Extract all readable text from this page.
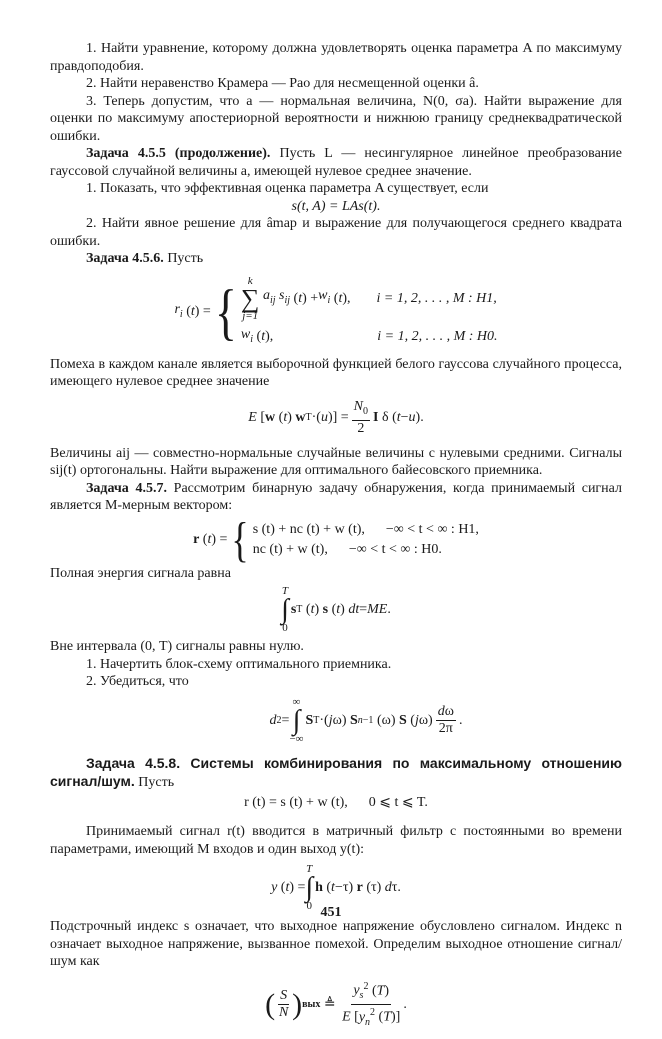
1. Найти уравнение, которому должна удовлетворять оценка параметра A по максимуму правдоподобия.

2. Найти неравенство Крамера — Рао для несмещенной оценки â.

3. Теперь допустим, что a — нормальная величина, N(0, σa). Найти выражение для оценки по максимуму апостериорной вероятности и нижнюю границу среднеквадратической ошибки.

Задача 4.5.5 (продолжение). Пусть L — несингулярное линейное преобразование гауссовой случайной величины a, имеющей нулевое среднее значение.

1. Показать, что эффективная оценка параметра A существует, если

s(t, A) = LAs(t).

2. Найти явное решение для âmap и выражение для получающегося среднего квадрата ошибки.

Задача 4.5.6. Пусть

$r_i$ ( t ) = { k
∑
j=1

$a_{ij}$ $s_{ij}$ ( t ) + $w_i$ ( t ), i = 1, 2, . . . , M : H1,
$w_i$ ( t ),	i = 1, 2, . . . , M : H0.

Помеха в каждом канале является выборочной функцией белого гауссова случайного процесса, имеющего нулевое среднее значение

E [ w ( t ) w T ·( u )] = $\frac{N_0}{2}$ I δ ( t − u ).

Величины aij — совместно-нормальные случайные величины с нулевыми средними. Сигналы sij(t) ортогональны. Найти выражение для оптимального байесовского приемника.

Задача 4.5.7. Рассмотрим бинарную задачу обнаружения, когда принимаемый сигнал является M-мерным вектором:

r ( t ) = { s (t) + nc (t) + w (t),      −∞ < t < ∞ : H1,
nc (t) + w (t),      −∞ < t < ∞ : H0.

Полная энергия сигнала равна

T
∫
0
s T ( t ) s ( t ) dt = ME .

Вне интервала (0, T) сигналы равны нулю.

1. Начертить блок-схему оптимального приемника.

2. Убедиться, что

d 2 =
∞
∫
−∞
S T ·( j ω) S n −1 (ω) S ( j $\omega) \frac{d\omega}{2\pi}$ .

Задача 4.5.8. Системы комбинирования по максимальному отношению сигнал/шум. Пусть

r (t) = s (t) + w (t),      0 ⩽ t ⩽ T.

Принимаемый сигнал r(t) вводится в матричный фильтр с постоянными во времени параметрами, имеющий M входов и один выход y(t):

y ( t ) =
T
∫
0
h ( t −τ) r (τ) d τ.

Подстрочный индекс s означает, что выходное напряжение обусловлено сигналом. Индекс n означает выходное напряжение, вызванное помехой. Определим выходное отношение сигнал/шум как

( $\frac{S}{N}$ ) вых ≜ $\frac{y_s^2 (T)}{E [y_n^2 (T)]}$ .
451
